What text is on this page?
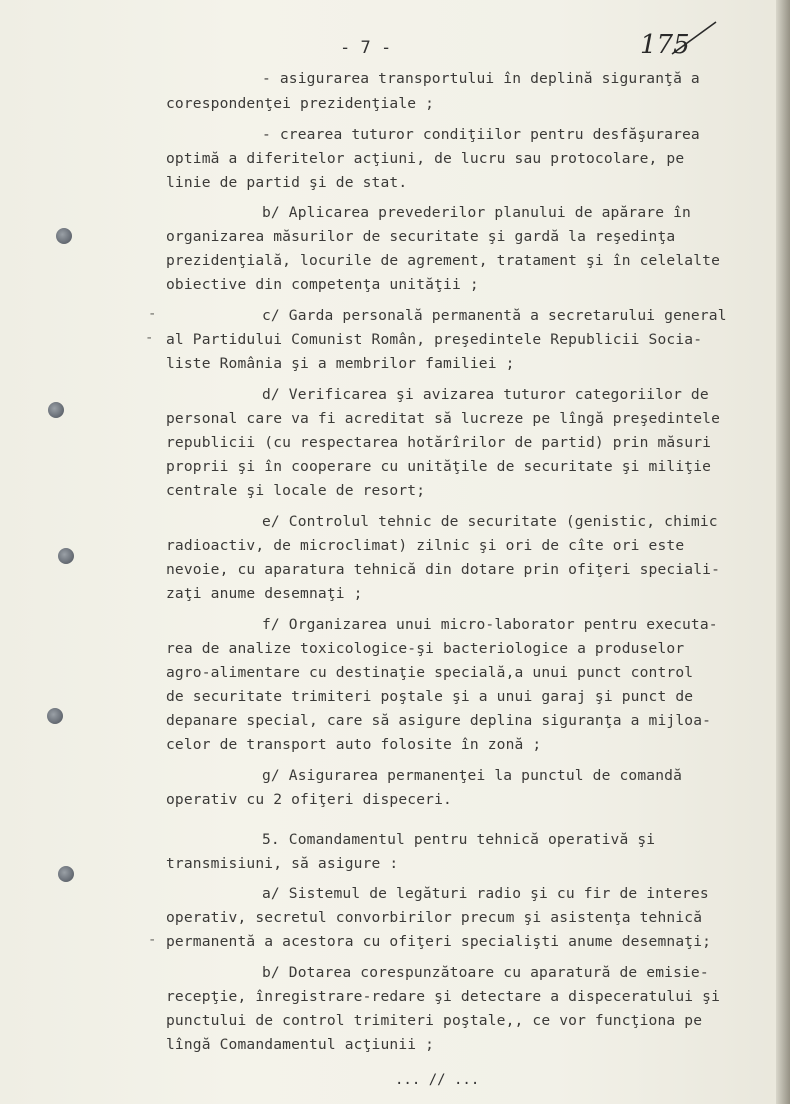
- 7 -	175
-
-
-
- asigurarea transportului în deplină siguranţă a
corespondenţei prezidenţiale ;
- crearea tuturor condiţiilor pentru desfăşurarea
optimă a diferitelor acţiuni, de lucru sau protocolare, pe
linie de partid şi de stat.
b/ Aplicarea prevederilor planului de apărare în
organizarea măsurilor de securitate şi gardă la reşedinţa
prezidenţială, locurile de agrement, tratament şi în celelalte
obiective din competenţa unităţii ;
c/ Garda personală permanentă a secretarului general
al Partidului Comunist Român, preşedintele Republicii Socia-
liste România şi a membrilor familiei ;
d/ Verificarea şi avizarea tuturor categoriilor de
personal care va fi acreditat să lucreze pe lîngă preşedintele
republicii (cu respectarea hotărîrilor de partid) prin măsuri
proprii şi în cooperare cu unităţile de securitate şi miliţie
centrale şi locale de resort;
e/ Controlul tehnic de securitate (genistic, chimic
radioactiv, de microclimat) zilnic şi ori de cîte ori este
nevoie, cu aparatura tehnică din dotare prin ofiţeri speciali-
zaţi anume desemnaţi ;
f/ Organizarea unui micro-laborator pentru executa-
rea de analize toxicologice-şi bacteriologice a produselor
agro-alimentare cu destinaţie specială,a unui punct control
de securitate trimiteri poştale şi a unui garaj şi punct de
depanare special, care să asigure deplina siguranţa a mijloa-
celor de transport auto folosite în zonă ;
g/ Asigurarea permanenţei la punctul de comandă
operativ cu 2 ofiţeri dispeceri.
5. Comandamentul pentru tehnică operativă şi
transmisiuni, să asigure :
a/ Sistemul de legături radio şi cu fir de interes
operativ, secretul convorbirilor precum şi asistenţa tehnică
permanentă a acestora cu ofiţeri specialişti anume desemnaţi;
b/ Dotarea corespunzătoare cu aparatură de emisie-
recepţie, înregistrare-redare şi detectare a dispeceratului şi
punctului de control trimiteri poştale,, ce vor funcţiona pe
lîngă Comandamentul acţiunii ;
... // ...
